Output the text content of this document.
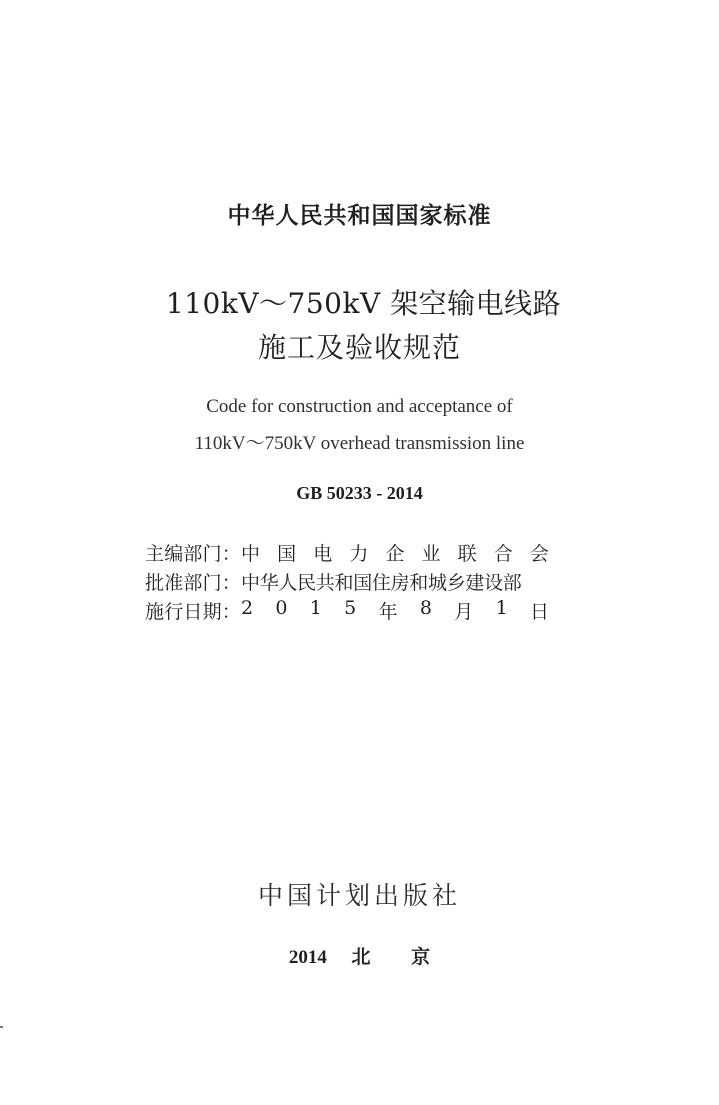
中华人民共和国国家标准
110kV～750kV 架空输电线路
施工及验收规范
Code for construction and acceptance of
110kV～750kV overhead transmission line
GB 50233 - 2014
主编部门： 中 国 电 力 企 业 联 合 会
批准部门： 中华人民共和国住房和城乡建设部
施行日期： 2 0 1 5 年 8 月 1 日
中国计划出版社
2014 北 京
